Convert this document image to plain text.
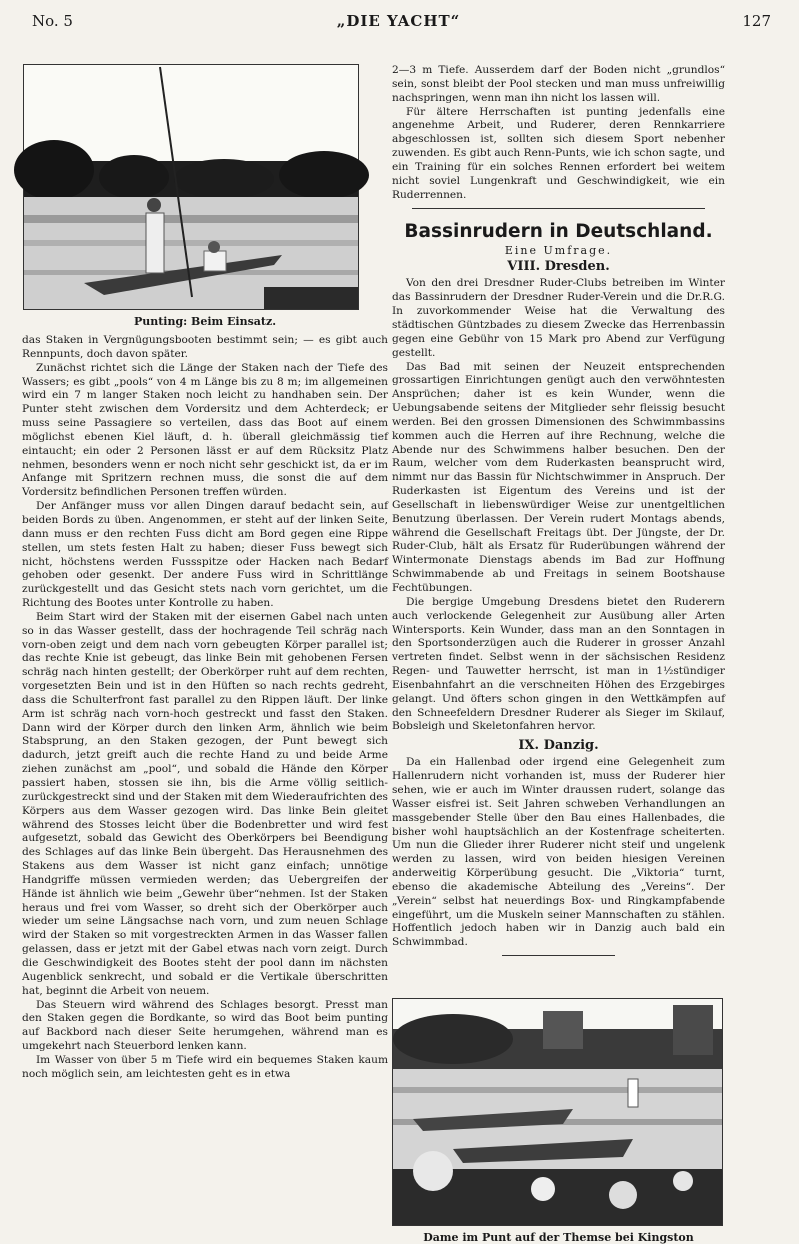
No. 5	„DIE YACHT“	127
Punting: Beim Einsatz.

das Staken in Vergnügungsbooten bestimmt sein; — es gibt auch Rennpunts, doch davon später.

Zunächst richtet sich die Länge der Staken nach der Tiefe des Wassers; es gibt „pools“ von 4 m Länge bis zu 8 m; im allgemeinen wird ein 7 m langer Staken noch leicht zu handhaben sein. Der Punter steht zwischen dem Vordersitz und dem Achterdeck; er muss seine Passagiere so verteilen, dass das Boot auf einem möglichst ebenen Kiel läuft, d. h. überall gleichmässig tief eintaucht; ein oder 2 Personen lässt er auf dem Rücksitz Platz nehmen, besonders wenn er noch nicht sehr geschickt ist, da er im Anfange mit Spritzern rechnen muss, die sonst die auf dem Vordersitz befindlichen Personen treffen würden.

Der Anfänger muss vor allen Dingen darauf bedacht sein, auf beiden Bords zu üben. Angenommen, er steht auf der linken Seite, dann muss er den rechten Fuss dicht am Bord gegen eine Rippe stellen, um stets festen Halt zu haben; dieser Fuss bewegt sich nicht, höchstens werden Fussspitze oder Hacken nach Bedarf gehoben oder gesenkt. Der andere Fuss wird in Schrittlänge zurückgestellt und das Gesicht stets nach vorn gerichtet, um die Richtung des Bootes unter Kontrolle zu haben.

Beim Start wird der Staken mit der eisernen Gabel nach unten so in das Wasser gestellt, dass der hochragende Teil schräg nach vorn-oben zeigt und dem nach vorn gebeugten Körper parallel ist; das rechte Knie ist gebeugt, das linke Bein mit gehobenen Fersen schräg nach hinten gestellt; der Oberkörper ruht auf dem rechten, vorgesetzten Bein und ist in den Hüften so nach rechts gedreht, dass die Schulterfront fast parallel zu den Rippen läuft. Der linke Arm ist schräg nach vorn-hoch gestreckt und fasst den Staken. Dann wird der Körper durch den linken Arm, ähnlich wie beim Stabsprung, an den Staken gezogen, der Punt bewegt sich dadurch, jetzt greift auch die rechte Hand zu und beide Arme ziehen zunächst am „pool“, und sobald die Hände den Körper passiert haben, stossen sie ihn, bis die Arme völlig seitlich-zurückgestreckt sind und der Staken mit dem Wiederaufrichten des Körpers aus dem Wasser gezogen wird. Das linke Bein gleitet während des Stosses leicht über die Bodenbretter und wird fest aufgesetzt, sobald das Gewicht des Oberkörpers bei Beendigung des Schlages auf das linke Bein übergeht. Das Herausnehmen des Stakens aus dem Wasser ist nicht ganz einfach; unnötige Handgriffe müssen vermieden werden; das Uebergreifen der Hände ist ähnlich wie beim „Gewehr über“nehmen. Ist der Staken heraus und frei vom Wasser, so dreht sich der Oberkörper auch wieder um seine Längsachse nach vorn, und zum neuen Schlage wird der Staken so mit vorgestreckten Armen in das Wasser fallen gelassen, dass er jetzt mit der Gabel etwas nach vorn zeigt. Durch die Geschwindigkeit des Bootes steht der pool dann im nächsten Augenblick senkrecht, und sobald er die Vertikale überschritten hat, beginnt die Arbeit von neuem.

Das Steuern wird während des Schlages besorgt. Presst man den Staken gegen die Bordkante, so wird das Boot beim punting auf Backbord nach dieser Seite herumgehen, während man es umgekehrt nach Steuerbord lenken kann.

Im Wasser von über 5 m Tiefe wird ein bequemes Staken kaum noch möglich sein, am leichtesten geht es in etwa

2—3 m Tiefe. Ausserdem darf der Boden nicht „grundlos“ sein, sonst bleibt der Pool stecken und man muss unfreiwillig nachspringen, wenn man ihn nicht los lassen will.

Für ältere Herrschaften ist punting jedenfalls eine angenehme Arbeit, und Ruderer, deren Rennkarriere abgeschlossen ist, sollten sich diesem Sport nebenher zuwenden. Es gibt auch Renn-Punts, wie ich schon sagte, und ein Training für ein solches Rennen erfordert bei weitem nicht soviel Lungenkraft und Geschwindigkeit, wie ein Ruderrennen.

Bassinrudern in Deutschland.
Eine Umfrage.
VIII. Dresden.

Von den drei Dresdner Ruder-Clubs betreiben im Winter das Bassinrudern der Dresdner Ruder-Verein und die Dr.R.G. In zuvorkommender Weise hat die Verwaltung des städtischen Güntzbades zu diesem Zwecke das Herrenbassin gegen eine Gebühr von 15 Mark pro Abend zur Verfügung gestellt.

Das Bad mit seinen der Neuzeit entsprechenden grossartigen Einrichtungen genügt auch den verwöhntesten Ansprüchen; daher ist es kein Wunder, wenn die Uebungsabende seitens der Mitglieder sehr fleissig besucht werden. Bei den grossen Dimensionen des Schwimmbassins kommen auch die Herren auf ihre Rechnung, welche die Abende nur des Schwimmens halber besuchen. Den der Raum, welcher vom dem Ruderkasten beansprucht wird, nimmt nur das Bassin für Nichtschwimmer in Anspruch. Der Ruderkasten ist Eigentum des Vereins und ist der Gesellschaft in liebenswürdiger Weise zur unentgeltlichen Benutzung überlassen. Der Verein rudert Montags abends, während die Gesellschaft Freitags übt. Der Jüngste, der Dr. Ruder-Club, hält als Ersatz für Ruderübungen während der Wintermonate Dienstags abends im Bad zur Hoffnung Schwimmabende ab und Freitags in seinem Bootshause Fechtübungen.

Die bergige Umgebung Dresdens bietet den Ruderern auch verlockende Gelegenheit zur Ausübung aller Arten Wintersports. Kein Wunder, dass man an den Sonntagen in den Sportsonderzügen auch die Ruderer in grosser Anzahl vertreten findet. Selbst wenn in der sächsischen Residenz Regen- und Tauwetter herrscht, ist man in 1½stündiger Eisenbahnfahrt an die verschneiten Höhen des Erzgebirges gelangt. Und öfters schon gingen in den Wettkämpfen auf den Schneefeldern Dresdner Ruderer als Sieger im Skilauf, Bobsleigh und Skeletonfahren hervor.

IX. Danzig.

Da ein Hallenbad oder irgend eine Gelegenheit zum Hallenrudern nicht vorhanden ist, muss der Ruderer hier sehen, wie er auch im Winter draussen rudert, solange das Wasser eisfrei ist. Seit Jahren schweben Verhandlungen an massgebender Stelle über den Bau eines Hallenbades, die bisher wohl hauptsächlich an der Kostenfrage scheiterten. Um nun die Glieder ihrer Ruderer nicht steif und ungelenk werden zu lassen, wird von beiden hiesigen Vereinen anderweitig Körperübung gesucht. Die „Viktoria“ turnt, ebenso die akademische Abteilung des „Vereins“. Der „Verein“ selbst hat neuerdings Box- und Ringkampfabende eingeführt, um die Muskeln seiner Mannschaften zu stählen. Hoffentlich jedoch haben wir in Danzig auch bald ein Schwimmbad.

Dame im Punt auf der Themse bei Kingston
